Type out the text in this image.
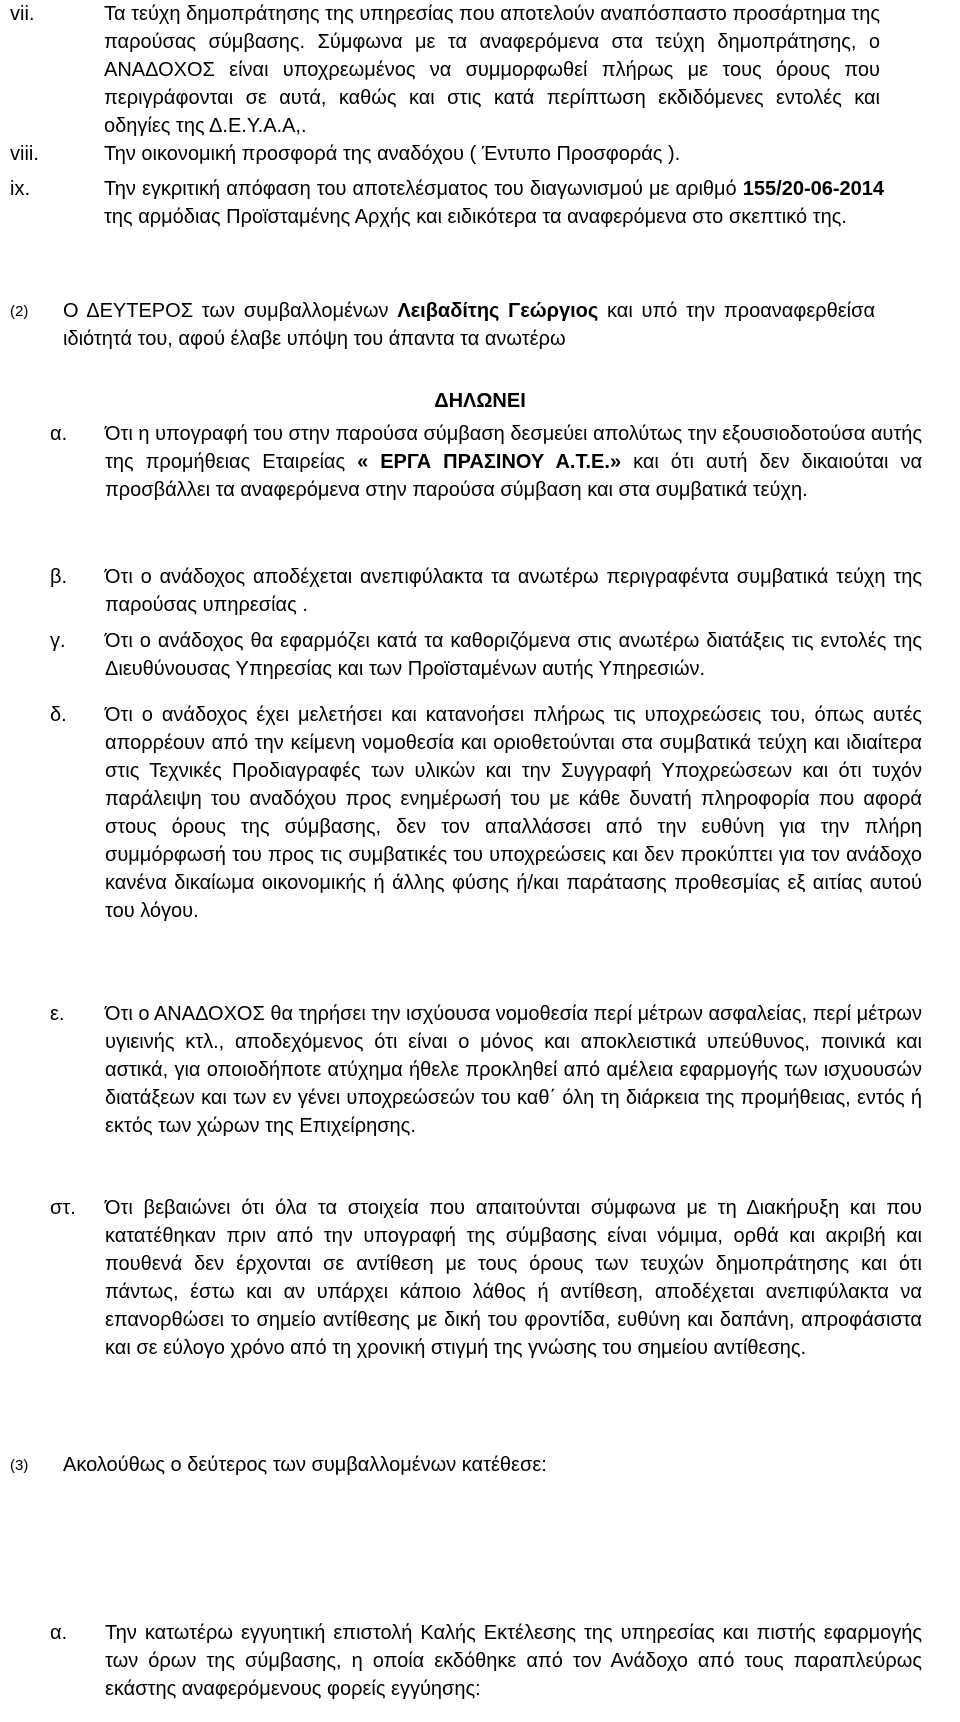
vii.	Τα τεύχη δημοπράτησης της υπηρεσίας που αποτελούν αναπόσπαστο προσάρτημα της παρούσας σύμβασης. Σύμφωνα με τα αναφερόμενα στα τεύχη δημοπράτησης, ο ΑΝΑΔΟΧΟΣ είναι υποχρεωμένος να συμμορφωθεί πλήρως με τους όρους που περιγράφονται σε αυτά, καθώς και στις κατά περίπτωση εκδιδόμενες εντολές και οδηγίες της Δ.Ε.Υ.Α.Α,.
viii.	Την οικονομική προσφορά της αναδόχου ( Έντυπο Προσφοράς ).
ix.	Την εγκριτική απόφαση του αποτελέσματος του διαγωνισμού με αριθμό 155/20-06-2014 της αρμόδιας Προϊσταμένης Αρχής και ειδικότερα τα αναφερόμενα στο σκεπτικό της.
(2) Ο ΔΕΥΤΕΡΟΣ των συμβαλλομένων Λειβαδίτης Γεώργιος και υπό την προαναφερθείσα ιδιότητά του, αφού έλαβε υπόψη του άπαντα τα ανωτέρω
ΔΗΛΩΝΕΙ
α. Ότι η υπογραφή του στην παρούσα σύμβαση δεσμεύει απολύτως την εξουσιοδοτούσα αυτής της προμήθειας Εταιρείας « ΕΡΓΑ ΠΡΑΣΙΝΟΥ Α.Τ.Ε.» και ότι αυτή δεν δικαιούται να προσβάλλει τα αναφερόμενα στην παρούσα σύμβαση και στα συμβατικά τεύχη.
β. Ότι ο ανάδοχος αποδέχεται ανεπιφύλακτα τα ανωτέρω περιγραφέντα συμβατικά τεύχη της παρούσας υπηρεσίας .
γ. Ότι ο ανάδοχος θα εφαρμόζει κατά τα καθοριζόμενα στις ανωτέρω διατάξεις τις εντολές της Διευθύνουσας Υπηρεσίας και των Προϊσταμένων αυτής Υπηρεσιών.
δ. Ότι ο ανάδοχος έχει μελετήσει και κατανοήσει πλήρως τις υποχρεώσεις του, όπως αυτές απορρέουν από την κείμενη νομοθεσία και οριοθετούνται στα συμβατικά τεύχη και ιδιαίτερα στις Τεχνικές Προδιαγραφές των υλικών και την Συγγραφή Υποχρεώσεων και ότι τυχόν παράλειψη του αναδόχου προς ενημέρωσή του με κάθε δυνατή πληροφορία που αφορά στους όρους της σύμβασης, δεν τον απαλλάσσει από την ευθύνη για την πλήρη συμμόρφωσή του προς τις συμβατικές του υποχρεώσεις και δεν προκύπτει για τον ανάδοχο κανένα δικαίωμα οικονομικής ή άλλης φύσης ή/και παράτασης προθεσμίας εξ αιτίας αυτού του λόγου.
ε. Ότι ο ΑΝΑΔΟΧΟΣ θα τηρήσει την ισχύουσα νομοθεσία περί μέτρων ασφαλείας, περί μέτρων υγιεινής κτλ., αποδεχόμενος ότι είναι ο μόνος και αποκλειστικά υπεύθυνος, ποινικά και αστικά, για οποιοδήποτε ατύχημα ήθελε προκληθεί από αμέλεια εφαρμογής των ισχυουσών διατάξεων και των εν γένει υποχρεώσεών του καθ΄ όλη τη διάρκεια της προμήθειας, εντός ή εκτός των χώρων της Επιχείρησης.
στ. Ότι βεβαιώνει ότι όλα τα στοιχεία που απαιτούνται σύμφωνα με τη Διακήρυξη και που κατατέθηκαν πριν από την υπογραφή της σύμβασης είναι νόμιμα, ορθά και ακριβή και πουθενά δεν έρχονται σε αντίθεση με τους όρους των τευχών δημοπράτησης και ότι πάντως, έστω και αν υπάρχει κάποιο λάθος ή αντίθεση, αποδέχεται ανεπιφύλακτα να επανορθώσει το σημείο αντίθεσης με δική του φροντίδα, ευθύνη και δαπάνη, απροφάσιστα και σε εύλογο χρόνο από τη χρονική στιγμή της γνώσης του σημείου αντίθεσης.
(3) Ακολούθως ο δεύτερος των συμβαλλομένων κατέθεσε:
α. Την κατωτέρω εγγυητική επιστολή Καλής Εκτέλεσης της υπηρεσίας και πιστής εφαρμογής των όρων της σύμβασης, η οποία εκδόθηκε από τον Ανάδοχο από τους παραπλεύρως εκάστης αναφερόμενους φορείς εγγύησης:
